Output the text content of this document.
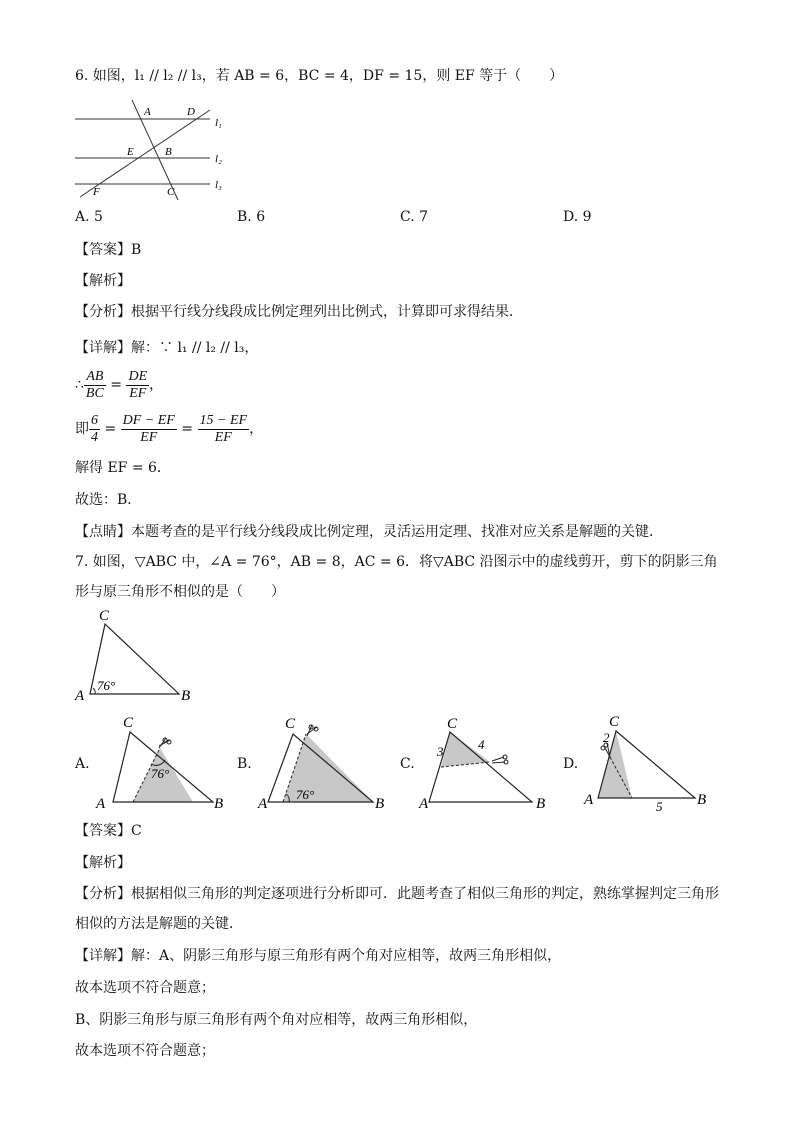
6. 如图，l₁ // l₂ // l₃，若 AB = 6，BC = 4，DF = 15，则 EF 等于（　　）
A	D
E	B
F	C
l₁
l₂
l₃
A. 5	B. 6	C. 7	D. 9
【答案】B
【解析】
【分析】根据平行线分线段成比例定理列出比例式，计算即可求得结果．
【详解】解：∵ l₁ // l₂ // l₃，
∴ $\frac{AB}{BC} = \frac{DE}{EF}$ ，
即 $\frac{6}{4} = \frac{DF - EF}{EF} = \frac{15 - EF}{EF}$ ，
解得 EF = 6．
故选：B．
【点睛】本题考查的是平行线分线段成比例定理，灵活运用定理、找准对应关系是解题的关键．
7. 如图，▽ABC 中，∠A = 76°，AB = 8，AC = 6．将▽ABC 沿图示中的虚线剪开，剪下的阴影三角
形与原三角形不相似的是（　　）
C
A	B
76°
A.	B.	C.	D.
C
A	B
76°
C
A	B
76°
C
A	B
3	4
C
A	B
2
5
【答案】C
【解析】
【分析】根据相似三角形的判定逐项进行分析即可．此题考查了相似三角形的判定，熟练掌握判定三角形
相似的方法是解题的关键．
【详解】解：A、阴影三角形与原三角形有两个角对应相等，故两三角形相似，
故本选项不符合题意；
B、阴影三角形与原三角形有两个角对应相等，故两三角形相似，
故本选项不符合题意；
